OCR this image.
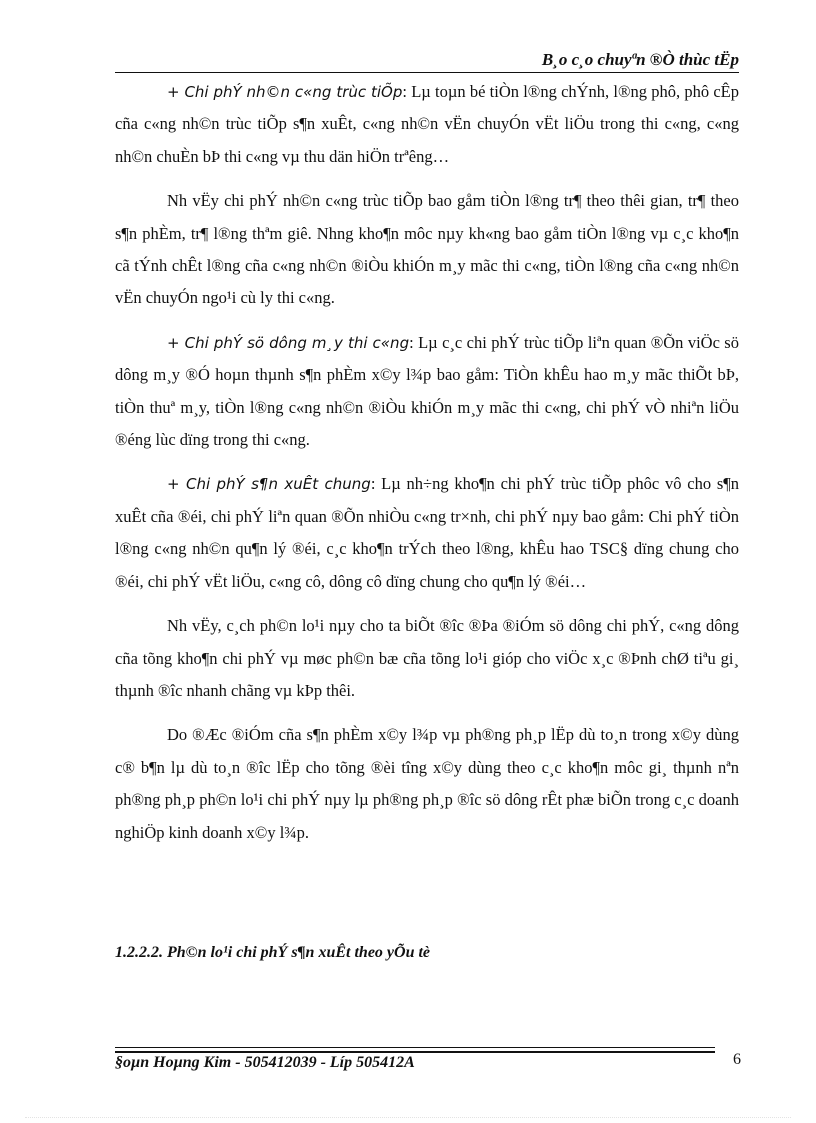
B¸o c¸o chuyªn ®Ò thùc tËp

+ Chi phÝ nh©n c«ng trùc tiÕp: Lµ toµn bé tiÒn l®ng chÝnh, l®ng phô, phô cÊp cña c«ng nh©n trùc tiÕp s¶n xuÊt, c«ng nh©n vËn chuyÓn vËt liÖu trong thi c«ng, c«ng nh©n chuÈn bÞ thi c«ng vµ thu dän hiÖn trªêng…

Nh vËy chi phÝ nh©n c«ng trùc tiÕp bao gåm tiÒn l®ng tr¶ theo thêi gian, tr¶ theo s¶n phÈm, tr¶ l®ng thªm giê. Nhng kho¶n môc nµy kh«ng bao gåm tiÒn l®ng vµ c¸c kho¶n cã tÝnh chÊt l®ng cña c«ng nh©n ®iÒu khiÓn m¸y mãc thi c«ng, tiÒn l®ng cña c«ng nh©n vËn chuyÓn ngo¹i cù ly thi c«ng.

+ Chi phÝ sö dông m¸y thi c«ng: Lµ c¸c chi phÝ trùc tiÕp liªn quan ®Õn viÖc sö dông m¸y ®Ó hoµn thµnh s¶n phÈm x©y l¾p bao gåm: TiÒn khÊu hao m¸y mãc thiÕt bÞ, tiÒn thuª m¸y, tiÒn l®ng c«ng nh©n ®iÒu khiÓn m¸y mãc thi c«ng, chi phÝ vÒ nhiªn liÖu ®éng lùc dïng trong thi c«ng.

+ Chi phÝ s¶n xuÊt chung: Lµ nh÷ng kho¶n chi phÝ trùc tiÕp phôc vô cho s¶n xuÊt cña ®éi, chi phÝ liªn quan ®Õn nhiÒu c«ng tr×nh, chi phÝ nµy bao gåm: Chi phÝ tiÒn l®ng c«ng nh©n qu¶n lý ®éi, c¸c kho¶n trÝch theo l®ng, khÊu hao TSC§ dïng chung cho ®éi, chi phÝ vËt liÖu, c«ng cô, dông cô dïng chung cho qu¶n lý ®éi…

Nh vËy, c¸ch ph©n lo¹i nµy cho ta biÕt ®îc ®Þa ®iÓm sö dông chi phÝ, c«ng dông cña tõng kho¶n chi phÝ vµ møc ph©n bæ cña tõng lo¹i gióp cho viÖc x¸c ®Þnh chØ tiªu gi¸ thµnh ®îc nhanh chãng vµ kÞp thêi.

Do ®Æc ®iÓm cña s¶n phÈm x©y l¾p vµ ph®ng ph¸p lËp dù to¸n trong x©y dùng c® b¶n lµ dù to¸n ®îc lËp cho tõng ®èi tîng x©y dùng theo c¸c kho¶n môc gi¸ thµnh nªn ph®ng ph¸p ph©n lo¹i chi phÝ nµy lµ ph®ng ph¸p ®îc sö dông rÊt phæ biÕn trong c¸c doanh nghiÖp kinh doanh x©y l¾p.

1.2.2.2. Ph©n lo¹i chi phÝ s¶n xuÊt theo yÕu tè
§oµn Hoµng Kim - 505412039 - Líp 505412A	6
